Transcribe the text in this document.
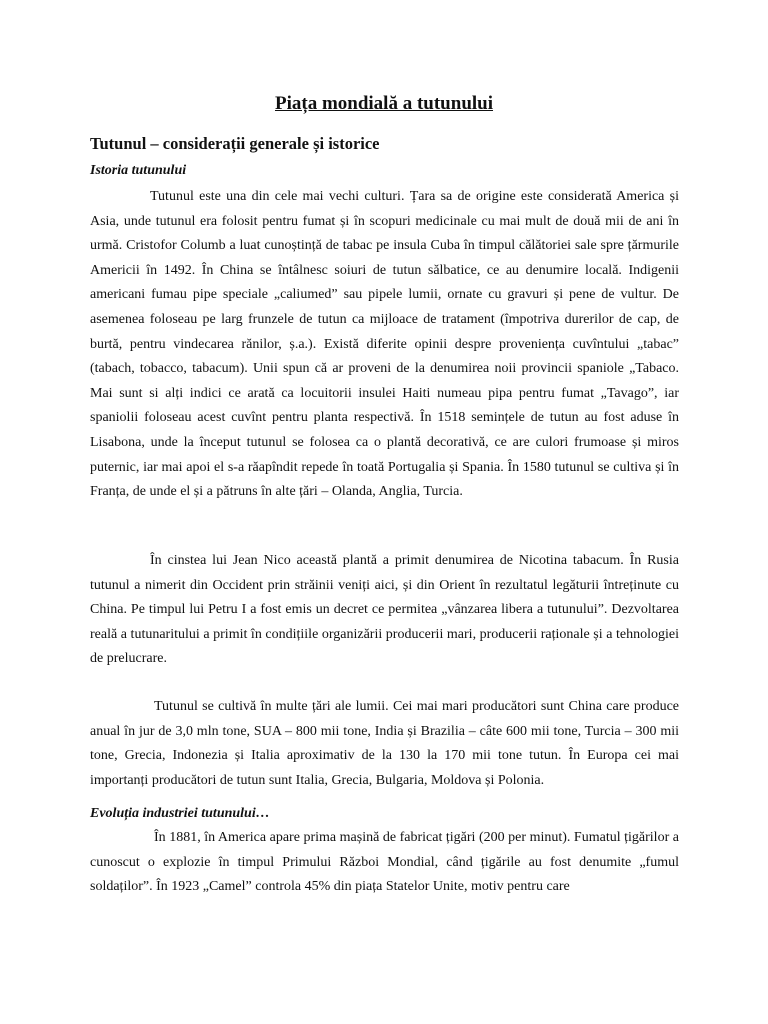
Piața mondială a tutunului
Tutunul – considerații generale și istorice
Istoria tutunului

Tutunul este una din cele mai vechi culturi. Țara sa de origine este considerată America și Asia, unde tutunul era folosit pentru fumat și în scopuri medicinale cu mai mult de două mii de ani în urmă. Cristofor Columb a luat cunoștință de tabac pe insula Cuba în timpul călătoriei sale spre țărmurile Americii în 1492. În China se întâlnesc soiuri de tutun sălbatice, ce au denumire locală. Indigenii americani fumau pipe speciale „caliumed” sau pipele lumii, ornate cu gravuri și pene de vultur. De asemenea foloseau pe larg frunzele de tutun ca mijloace de tratament (împotriva durerilor de cap, de burtă, pentru vindecarea rănilor, ș.a.). Există diferite opinii despre proveniența cuvîntului „tabac” (tabach, tobacco, tabacum). Unii spun că ar proveni de la denumirea noii provincii spaniole „Tabaco. Mai sunt si alți indici ce arată ca locuitorii insulei Haiti numeau pipa pentru fumat „Tavago”, iar spaniolii foloseau acest cuvînt pentru planta respectivă. În 1518 semințele de tutun au fost aduse în Lisabona, unde la început tutunul se folosea ca o plantă decorativă, ce are culori frumoase și miros puternic, iar mai apoi el s-a răapîndit repede în toată Portugalia și Spania. În 1580 tutunul se cultiva și în Franța, de unde el și a pătruns în alte țări – Olanda, Anglia, Turcia.

În cinstea lui Jean Nico această plantă a primit denumirea de Nicotina tabacum. În Rusia tutunul a nimerit din Occident prin străinii veniți aici, și din Orient în rezultatul legăturii întreținute cu China. Pe timpul lui Petru I a fost emis un decret ce permitea „vânzarea libera a tutunului”. Dezvoltarea reală a tutunaritului a primit în condițiile organizării producerii mari, producerii raționale și a tehnologiei de prelucrare.

Tutunul se cultivă în multe țări ale lumii. Cei mai mari producători sunt China care produce anual în jur de 3,0 mln tone, SUA – 800 mii tone, India și Brazilia – câte 600 mii tone, Turcia – 300 mii tone, Grecia, Indonezia și Italia aproximativ de la 130 la 170 mii tone tutun. În Europa cei mai importanți producători de tutun sunt Italia, Grecia, Bulgaria, Moldova și Polonia.

Evoluția industriei tutunului…

În 1881, în America apare prima mașină de fabricat țigări (200 per minut). Fumatul țigărilor a cunoscut o explozie în timpul Primului Război Mondial, când țigările au fost denumite „fumul soldaților”. În 1923 „Camel” controla 45% din piața Statelor Unite, motiv pentru care
